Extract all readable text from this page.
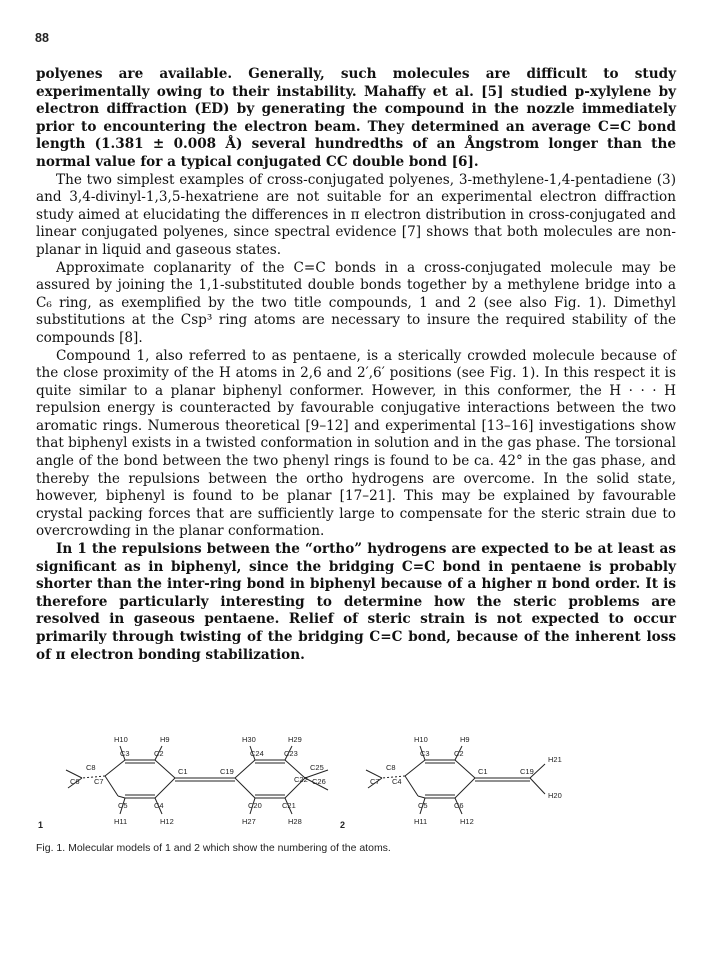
88

polyenes are available. Generally, such molecules are difficult to study experimentally owing to their instability. Mahaffy et al. [5] studied p-xylylene by electron diffraction (ED) by generating the compound in the nozzle immediately prior to encountering the electron beam. They determined an average C=C bond length (1.381 ± 0.008 Å) several hundredths of an Ångstrom longer than the normal value for a typical conjugated CC double bond [6].

The two simplest examples of cross-conjugated polyenes, 3-methylene-1,4-pentadiene (3) and 3,4-divinyl-1,3,5-hexatriene are not suitable for an experimental electron diffraction study aimed at elucidating the differences in π electron distribution in cross-conjugated and linear conjugated polyenes, since spectral evidence [7] shows that both molecules are non-planar in liquid and gaseous states.

Approximate coplanarity of the C=C bonds in a cross-conjugated molecule may be assured by joining the 1,1-substituted double bonds together by a methylene bridge into a C₆ ring, as exemplified by the two title compounds, 1 and 2 (see also Fig. 1). Dimethyl substitutions at the Csp³ ring atoms are necessary to insure the required stability of the compounds [8].

Compound 1, also referred to as pentaene, is a sterically crowded molecule because of the close proximity of the H atoms in 2,6 and 2′,6′ positions (see Fig. 1). In this respect it is quite similar to a planar biphenyl conformer. However, in this conformer, the H · · · H repulsion energy is counteracted by favourable conjugative interactions between the two aromatic rings. Numerous theoretical [9–12] and experimental [13–16] investigations show that biphenyl exists in a twisted conformation in solution and in the gas phase. The torsional angle of the bond between the two phenyl rings is found to be ca. 42° in the gas phase, and thereby the repulsions between the ortho hydrogens are overcome. In the solid state, however, biphenyl is found to be planar [17–21]. This may be explained by favourable crystal packing forces that are sufficiently large to compensate for the steric strain due to overcrowding in the planar conformation.

In 1 the repulsions between the “ortho” hydrogens are expected to be at least as significant as in biphenyl, since the bridging C=C bond in pentaene is probably shorter than the inter-ring bond in biphenyl because of a higher π bond order. It is therefore particularly interesting to determine how the steric problems are resolved in gaseous pentaene. Relief of steric strain is not expected to occur primarily through twisting of the bridging C=C bond, because of the inherent loss of π electron bonding stabilization.

H10	H9	H30	H29
C3	C2	C24	C23
C8	C25
C6
C1	C19
C22
C7	C26
C5	C4	C20	C21
H11	H12	H27	H28
1
H10	H9
C3	C2
H21
C8
C4
C1	C19
C7
C5	C6
H20
H11	H12
2
Fig. 1. Molecular models of 1 and 2 which show the numbering of the atoms.
